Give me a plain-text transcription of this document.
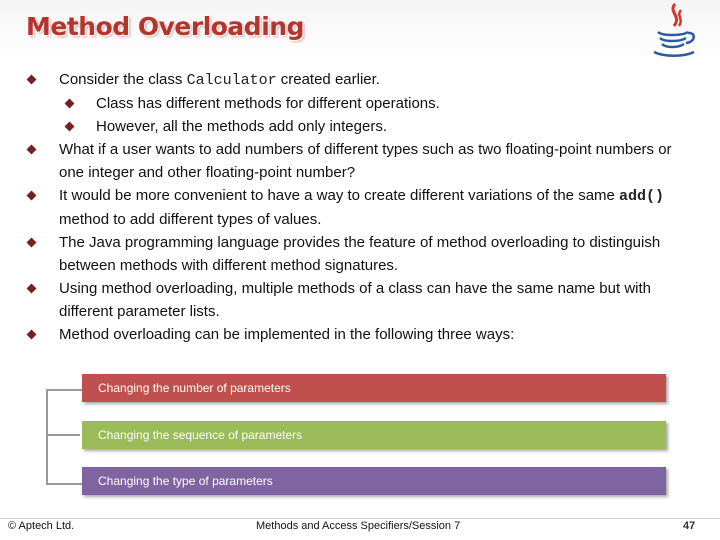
Method Overloading
Consider the class Calculator created earlier.
Class has different methods for different operations.
However, all the methods add only integers.
What if a user wants to add numbers of different types such as two floating-point numbers or one integer and other floating-point number?
It would be more convenient to have a way to create different variations of the same add() method to add different types of values.
The Java programming language provides the feature of method overloading to distinguish between methods with different method signatures.
Using method overloading, multiple methods of a class can have the same name but with different parameter lists.
Method overloading can be implemented in the following three ways:
Changing the number of parameters
Changing the sequence of parameters
Changing the type of parameters
© Aptech Ltd.	Methods and Access Specifiers/Session 7	47
